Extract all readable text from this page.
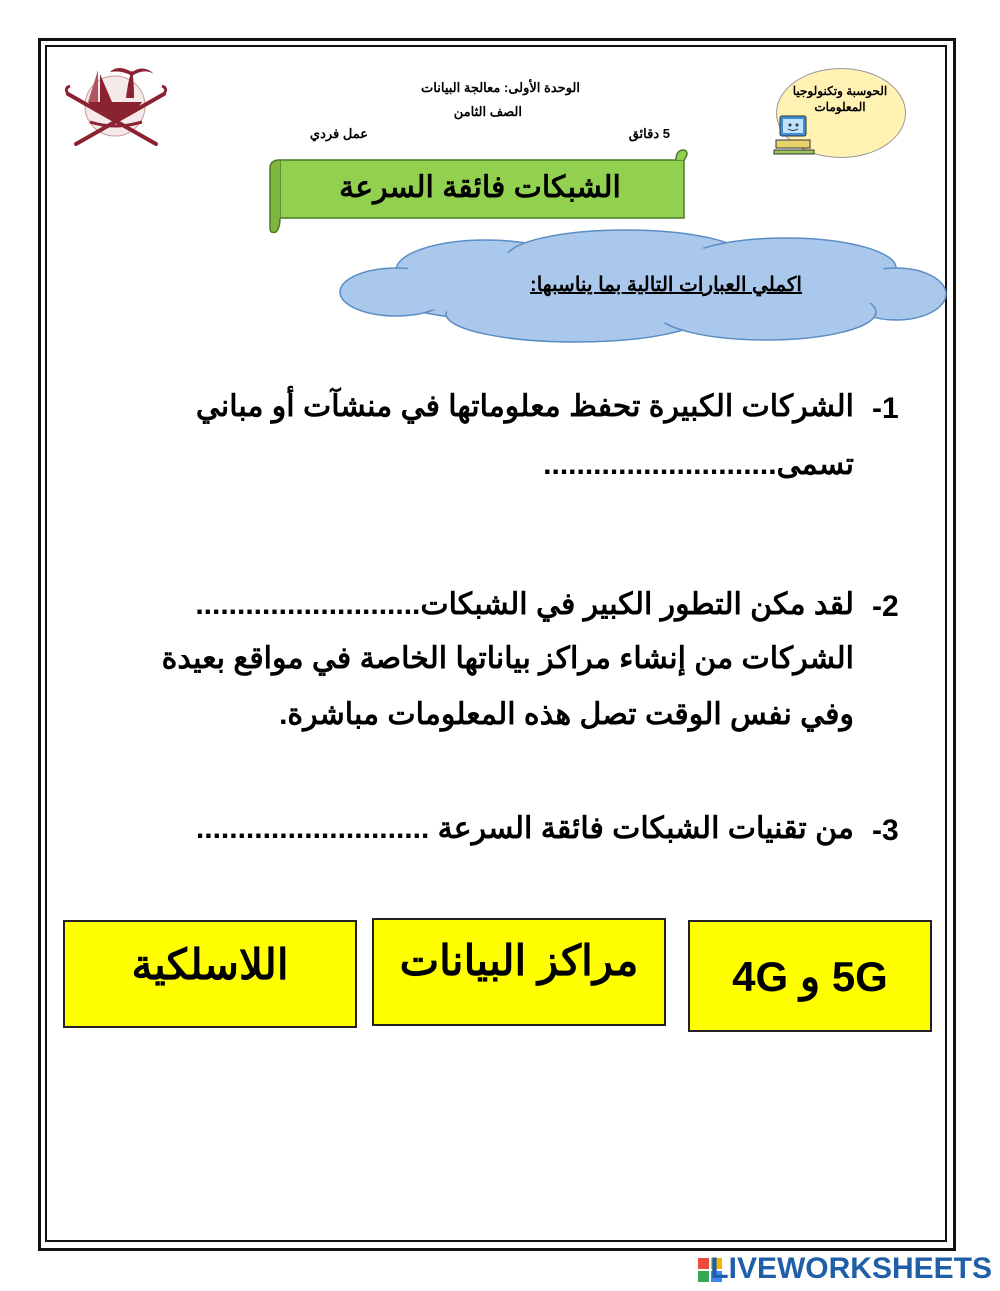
الوحدة الأولى: معالجة البيانات
الصف الثامن
5 دقائق
عمل فردي
الحوسبة وتكنولوجيا
المعلومات
الشبكات فائقة السرعة
اكملي العبارات التالية بما يناسبها:
-1
الشركات الكبيرة تحفظ معلوماتها في منشآت أو مباني
تسمى............................
-2
لقد مكن التطور الكبير في الشبكات...........................
الشركات من إنشاء مراكز بياناتها الخاصة في مواقع بعيدة
وفي نفس الوقت تصل هذه المعلومات مباشرة.
-3
من تقنيات الشبكات فائقة السرعة ............................
5G و 4G
مراكز البيانات
اللاسلكية
LIVEWORKSHEETS
